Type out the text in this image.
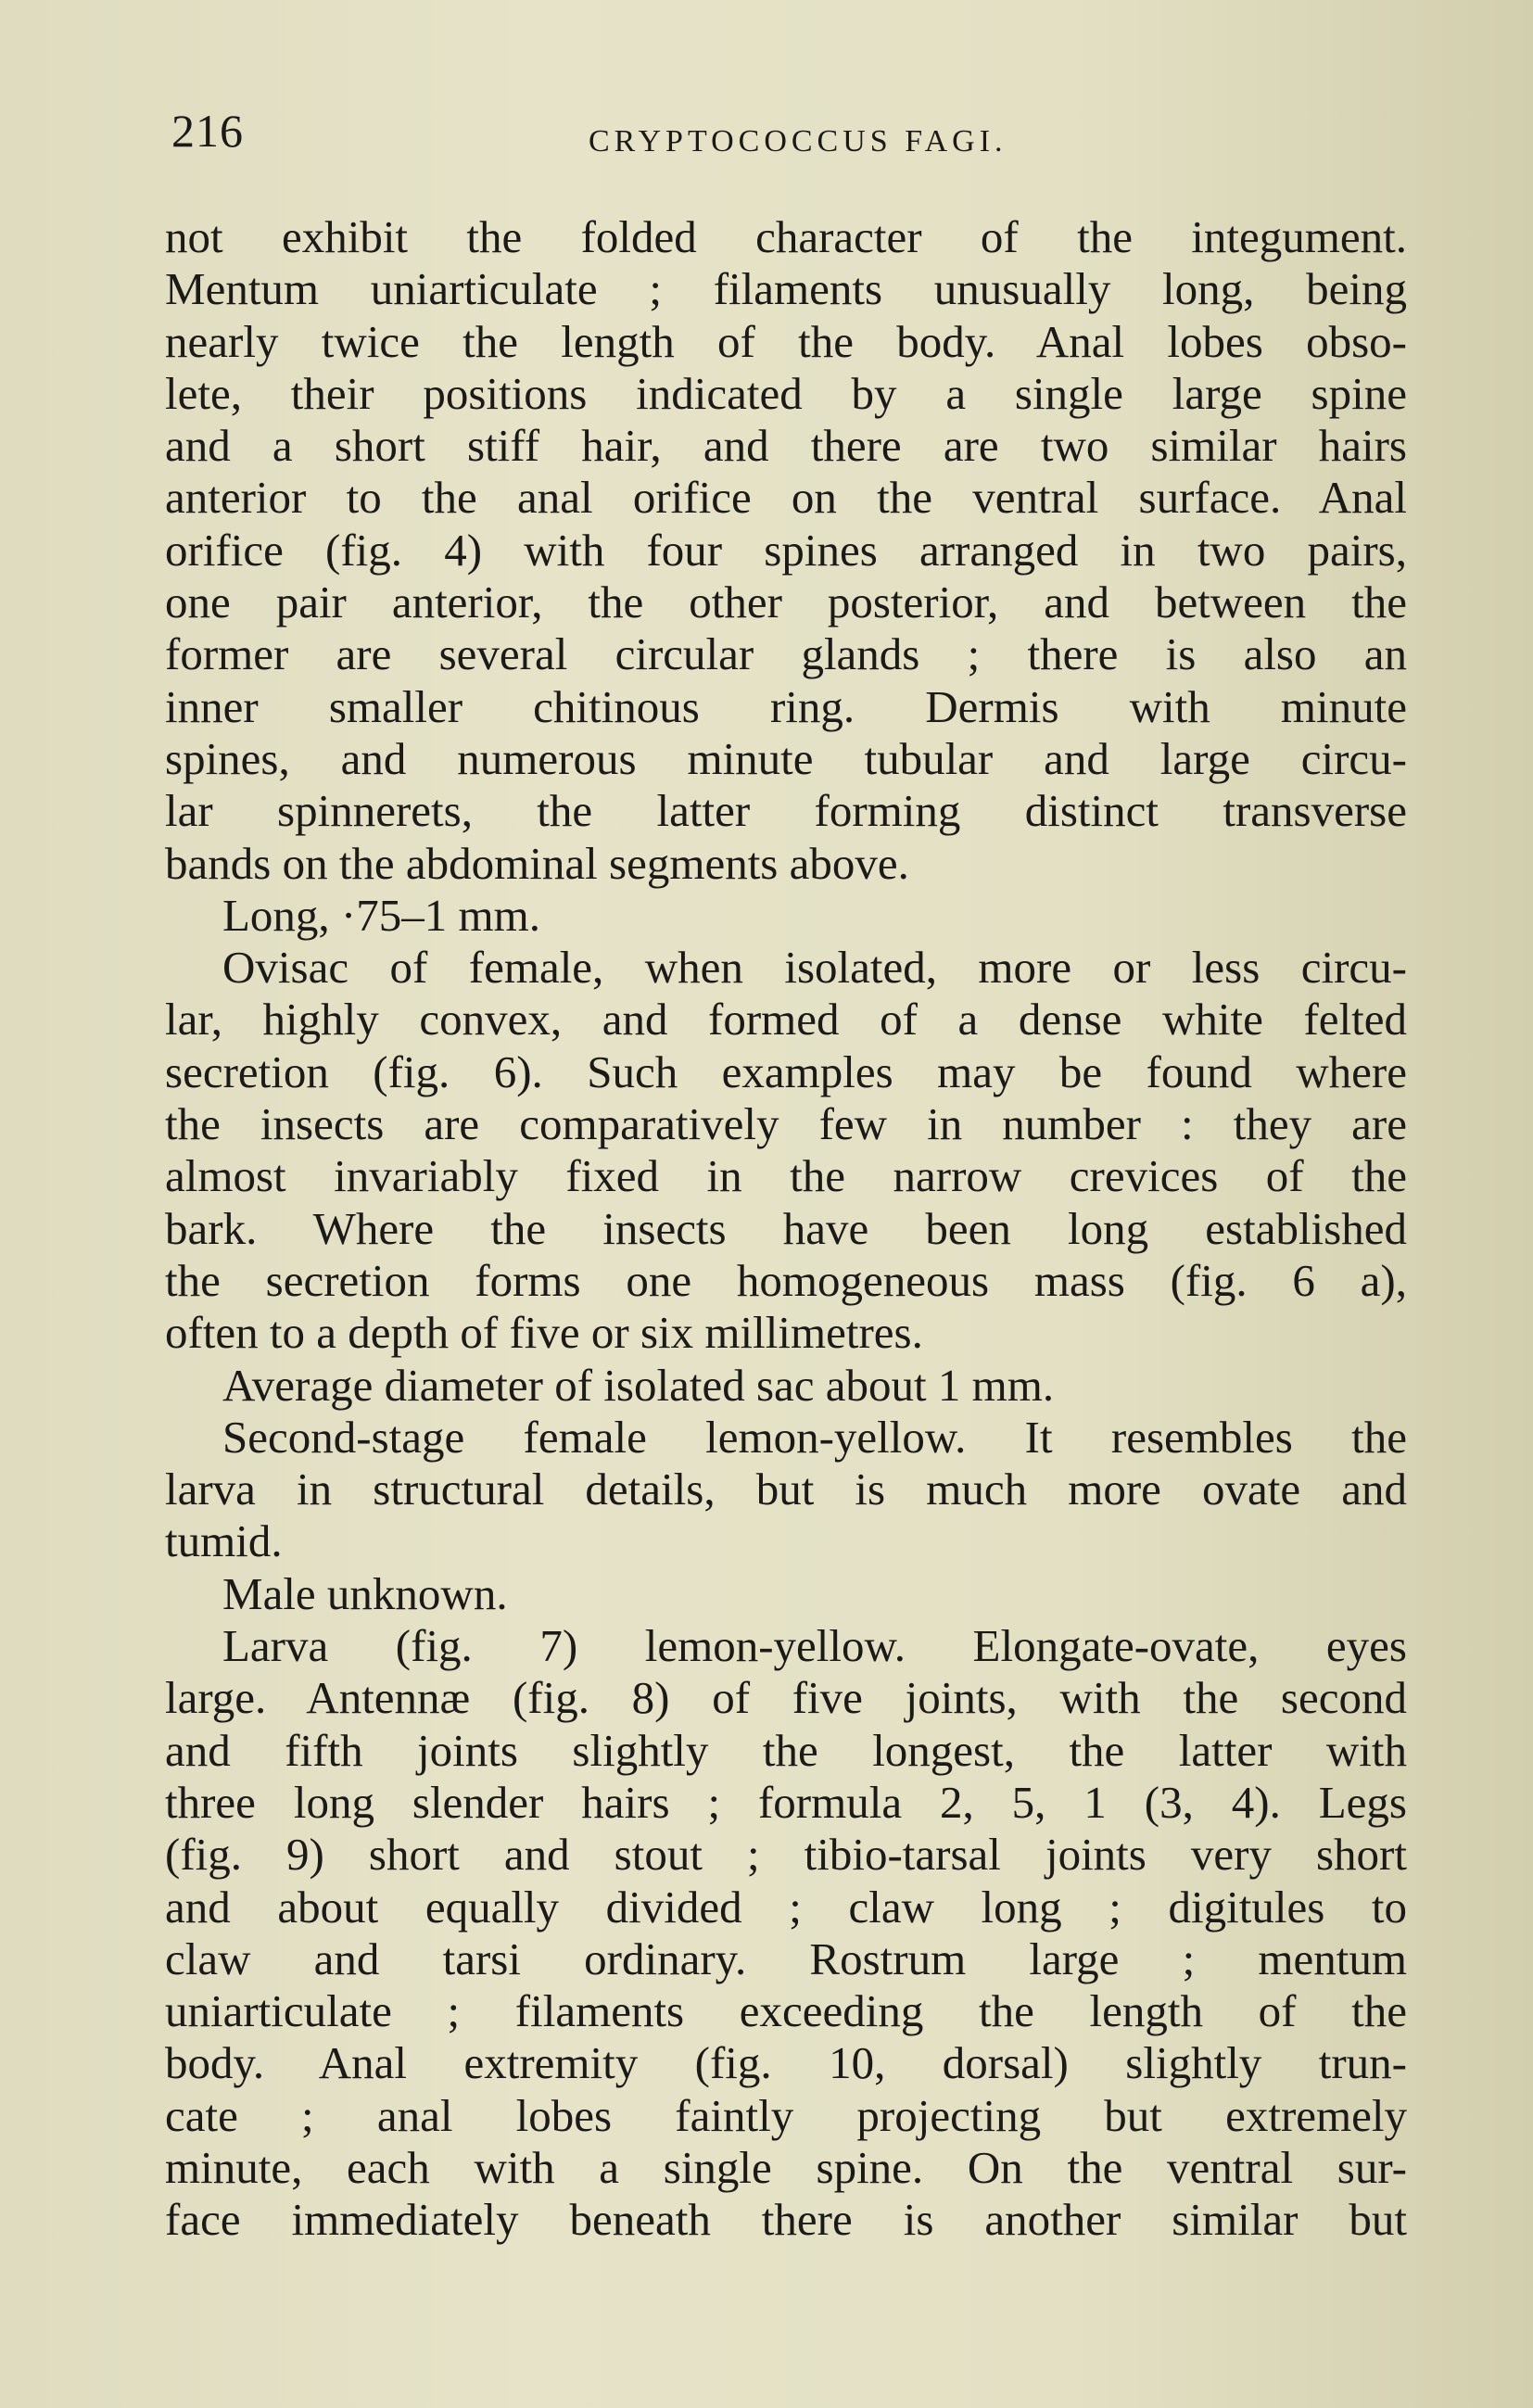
216	CRYPTOCOCCUS FAGI.
not exhibit the folded character of the integument.
Mentum uniarticulate ; filaments unusually long, being
nearly twice the length of the body. Anal lobes obso-
lete, their positions indicated by a single large spine
and a short stiff hair, and there are two similar hairs
anterior to the anal orifice on the ventral surface. Anal
orifice (fig. 4) with four spines arranged in two pairs,
one pair anterior, the other posterior, and between the
former are several circular glands ; there is also an
inner smaller chitinous ring. Dermis with minute
spines, and numerous minute tubular and large circu-
lar spinnerets, the latter forming distinct transverse
bands on the abdominal segments above.
Long, ·75–1 mm.
Ovisac of female, when isolated, more or less circu-
lar, highly convex, and formed of a dense white felted
secretion (fig. 6). Such examples may be found where
the insects are comparatively few in number : they are
almost invariably fixed in the narrow crevices of the
bark. Where the insects have been long established
the secretion forms one homogeneous mass (fig. 6 a),
often to a depth of five or six millimetres.
Average diameter of isolated sac about 1 mm.
Second-stage female lemon-yellow. It resembles the
larva in structural details, but is much more ovate and
tumid.
Male unknown.
Larva (fig. 7) lemon-yellow. Elongate-ovate, eyes
large. Antennæ (fig. 8) of five joints, with the second
and fifth joints slightly the longest, the latter with
three long slender hairs ; formula 2, 5, 1 (3, 4). Legs
(fig. 9) short and stout ; tibio-tarsal joints very short
and about equally divided ; claw long ; digitules to
claw and tarsi ordinary. Rostrum large ; mentum
uniarticulate ; filaments exceeding the length of the
body. Anal extremity (fig. 10, dorsal) slightly trun-
cate ; anal lobes faintly projecting but extremely
minute, each with a single spine. On the ventral sur-
face immediately beneath there is another similar but
